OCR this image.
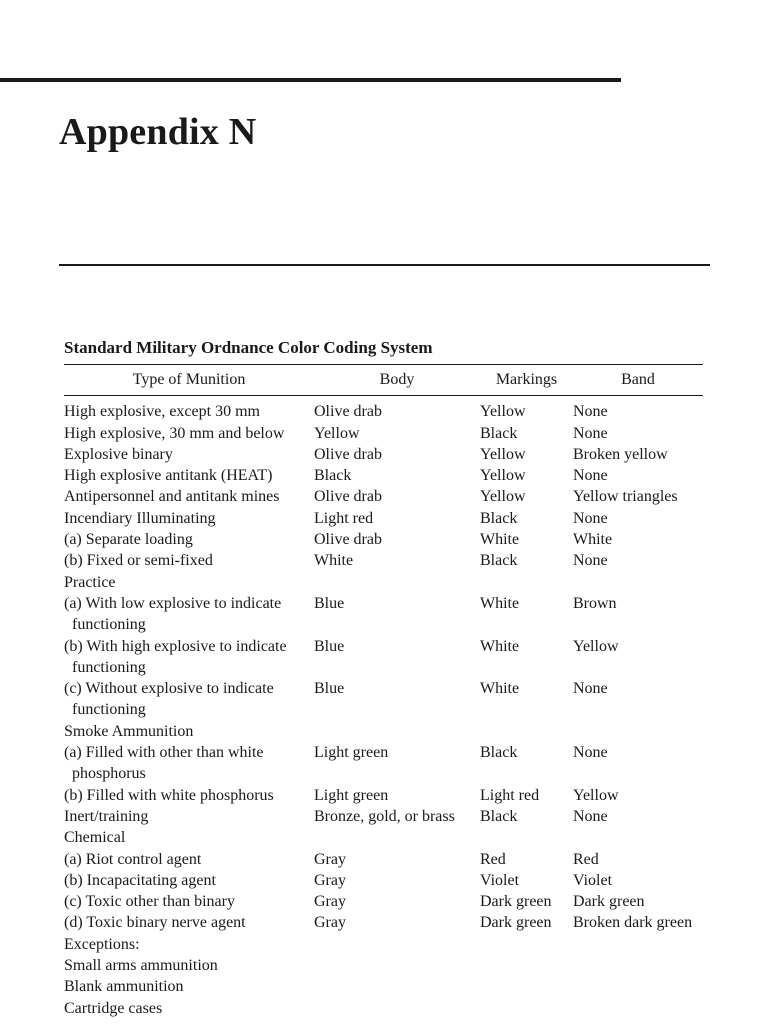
Appendix N
Standard Military Ordnance Color Coding System
Type of Munition	Body	Markings	Band

High explosive, except 30 mm	Olive drab	Yellow	None
High explosive, 30 mm and below	Yellow	Black	None
Explosive binary	Olive drab	Yellow	Broken yellow
High explosive antitank (HEAT)	Black	Yellow	None
Antipersonnel and antitank mines	Olive drab	Yellow	Yellow triangles
Incendiary Illuminating	Light red	Black	None
(a) Separate loading	Olive drab	White	White
(b) Fixed or semi-fixed	White	Black	None
Practice			
(a) With low explosive to indicate functioning	Blue	White	Brown
(b) With high explosive to indicate functioning	Blue	White	Yellow
(c) Without explosive to indicate functioning	Blue	White	None
Smoke Ammunition			
(a) Filled with other than white phosphorus	Light green	Black	None
(b) Filled with white phosphorus	Light green	Light red	Yellow
Inert/training	Bronze, gold, or brass	Black	None
Chemical			
(a) Riot control agent	Gray	Red	Red
(b) Incapacitating agent	Gray	Violet	Violet
(c) Toxic other than binary	Gray	Dark green	Dark green
(d) Toxic binary nerve agent	Gray	Dark green	Broken dark green
Exceptions:			
Small arms ammunition			
Blank ammunition			
Cartridge cases			
